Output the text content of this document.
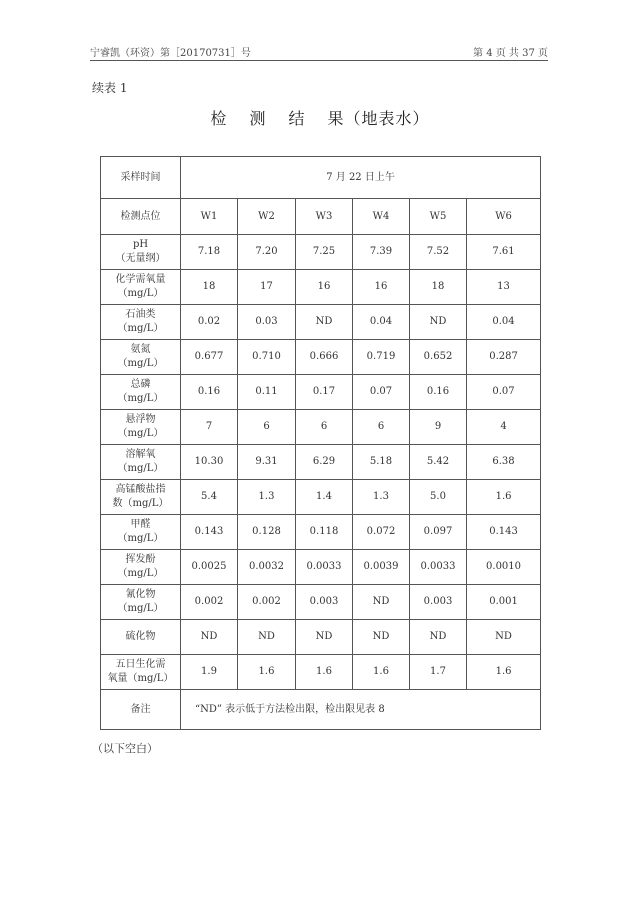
宁睿凯（环资）第［20170731］号	第 4 页 共 37 页
续表 1
检 测 结 果（地表水）
采样时间	7 月 22 日上午					
检测点位	W1	W2	W3	W4	W5	W6

pH
（无量纲）	7.18	7.20	7.25	7.39	7.52	7.61

化学需氧量
（mg/L）	18	17	16	16	18	13

石油类
（mg/L）	0.02	0.03	ND	0.04	ND	0.04

氨氮
（mg/L）	0.677	0.710	0.666	0.719	0.652	0.287

总磷
（mg/L）	0.16	0.11	0.17	0.07	0.16	0.07

悬浮物
（mg/L）	7	6	6	6	9	4

溶解氧
（mg/L）	10.30	9.31	6.29	5.18	5.42	6.38

高锰酸盐指
数（mg/L）	5.4	1.3	1.4	1.3	5.0	1.6

甲醛
（mg/L）	0.143	0.128	0.118	0.072	0.097	0.143

挥发酚
（mg/L）	0.0025	0.0032	0.0033	0.0039	0.0033	0.0010

氰化物
（mg/L）	0.002	0.002	0.003	ND	0.003	0.001

硫化物	ND	ND	ND	ND	ND	ND

五日生化需
氧量（mg/L）	1.9	1.6	1.6	1.6	1.7	1.6
备注	“ND” 表示低于方法检出限，检出限见表 8					
（以下空白）
